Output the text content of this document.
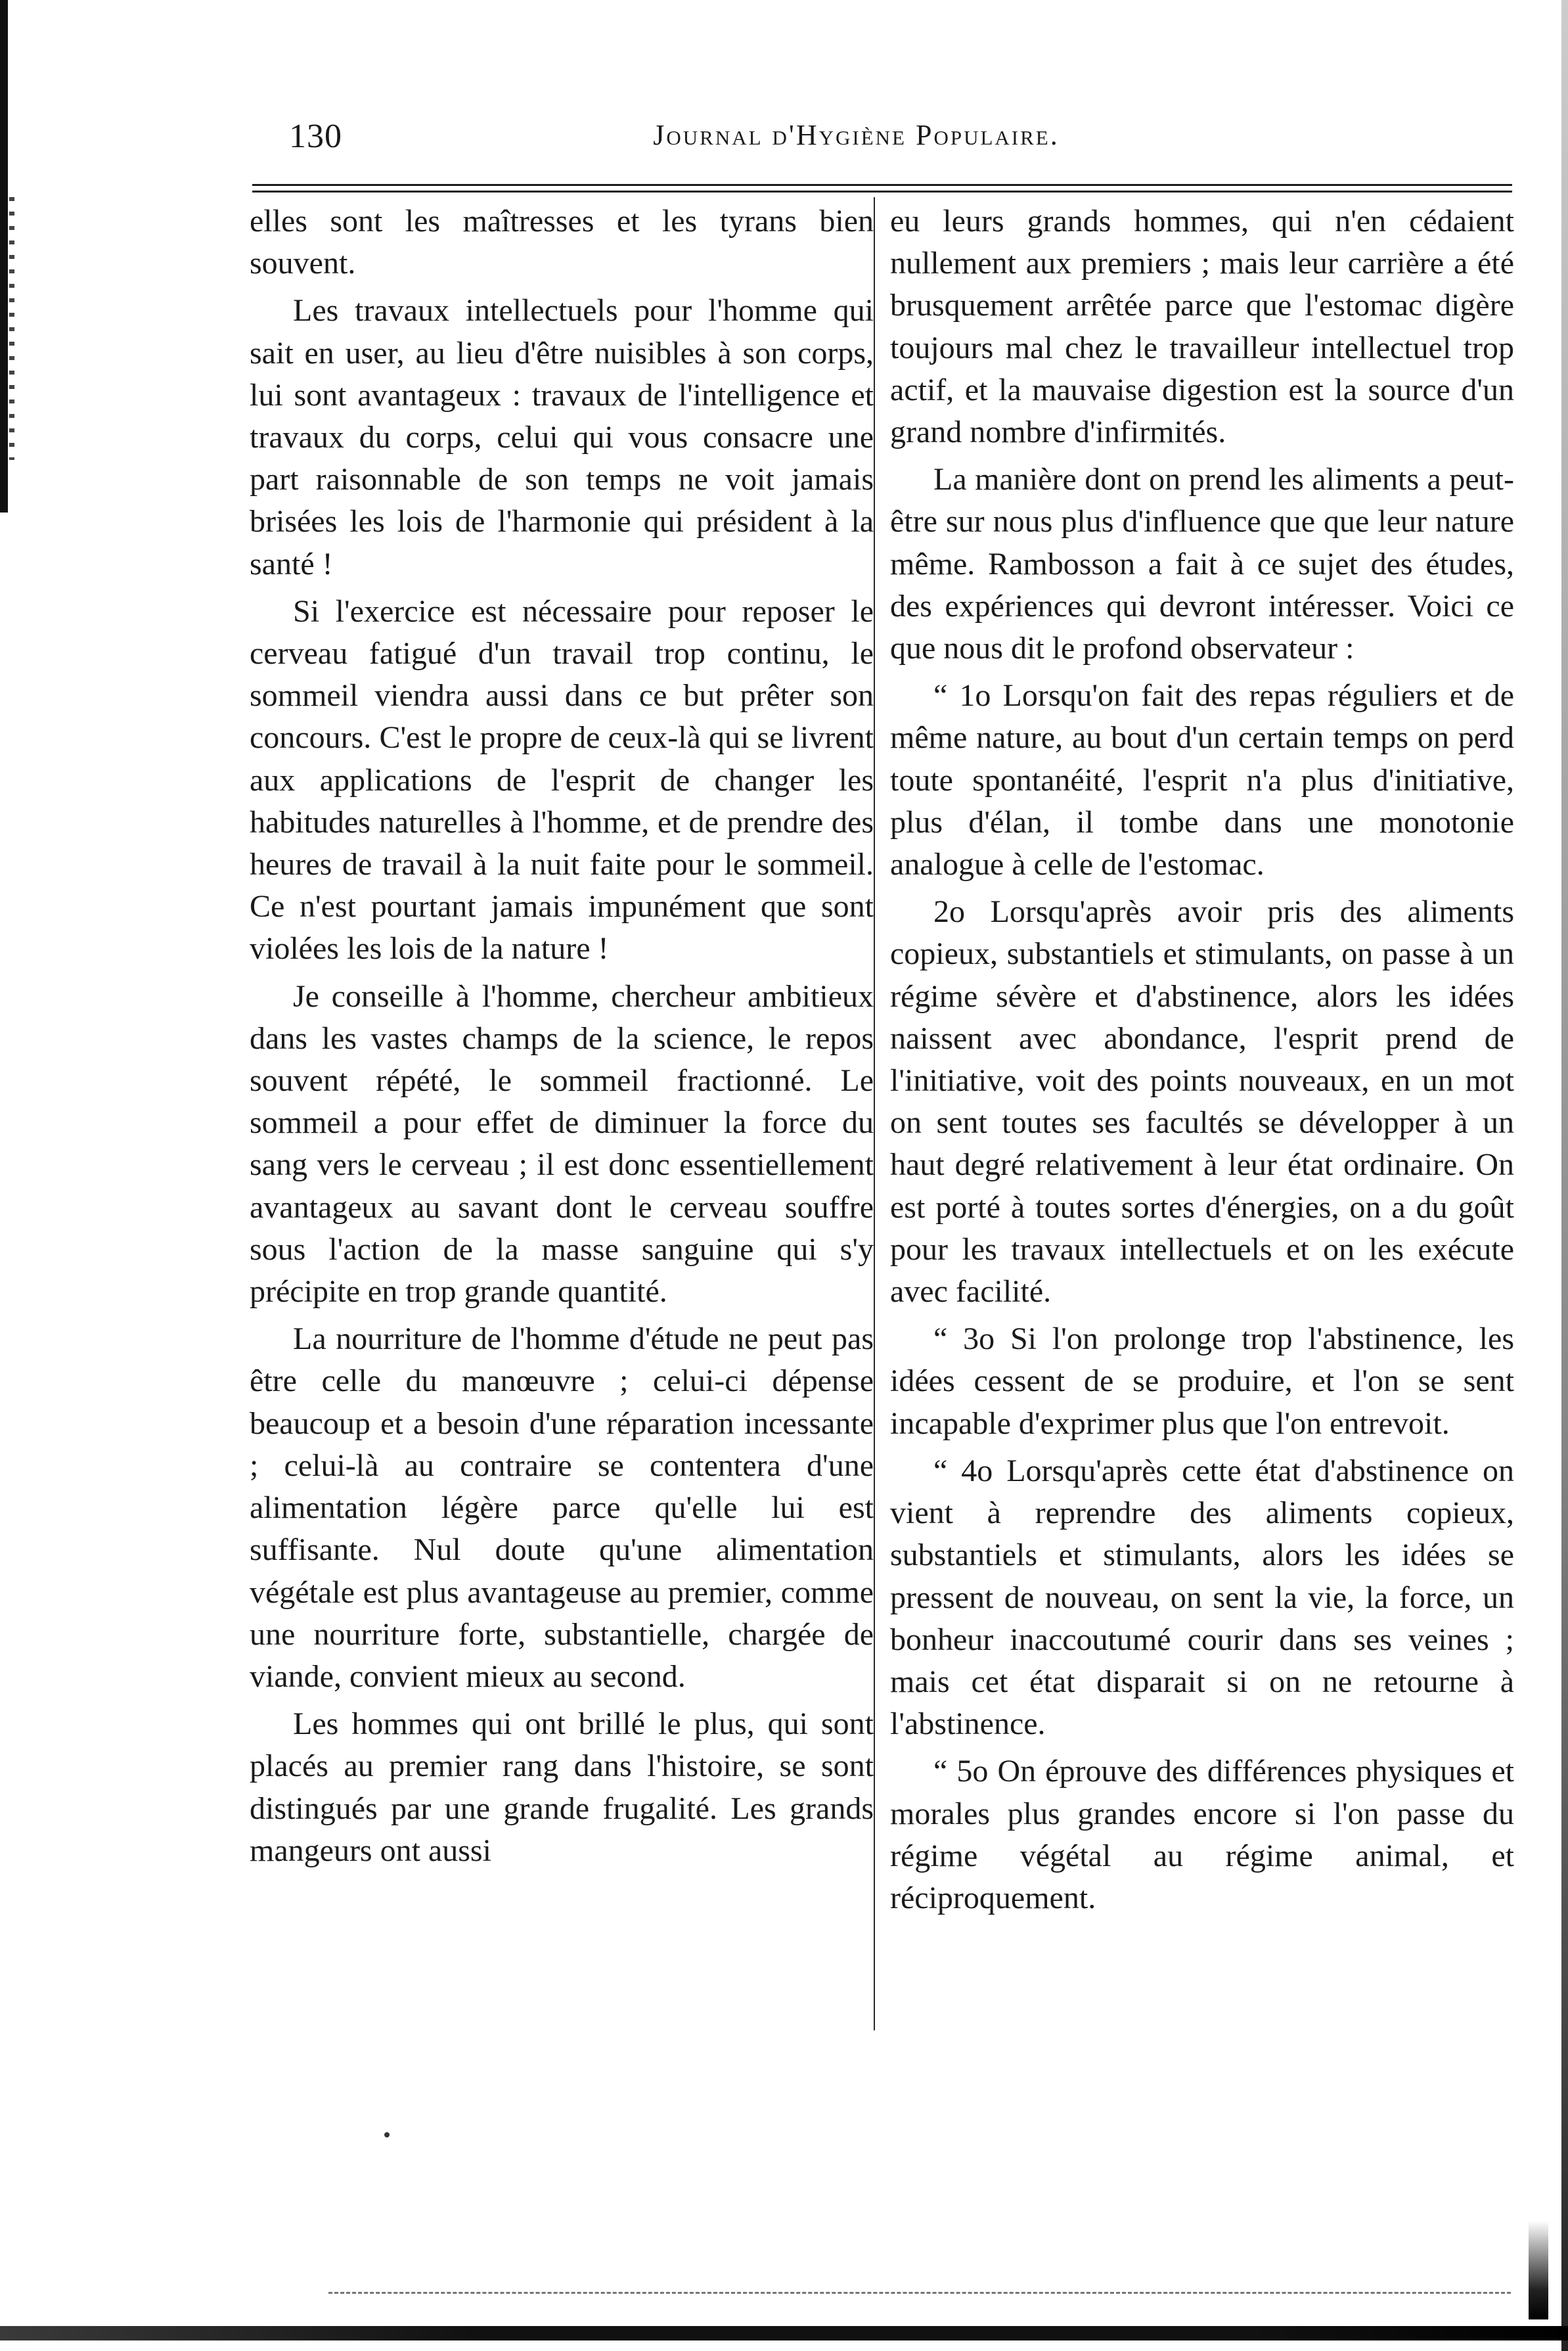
130	Journal d'Hygiène Populaire.

elles sont les maîtresses et les tyrans bien souvent.

Les travaux intellectuels pour l'homme qui sait en user, au lieu d'être nuisibles à son corps, lui sont avantageux : travaux de l'intelligence et travaux du corps, celui qui vous consacre une part raisonnable de son temps ne voit jamais brisées les lois de l'harmonie qui président à la santé !

Si l'exercice est nécessaire pour reposer le cerveau fatigué d'un travail trop continu, le sommeil viendra aussi dans ce but prêter son concours. C'est le propre de ceux-là qui se livrent aux applications de l'esprit de changer les habitudes naturelles à l'homme, et de prendre des heures de travail à la nuit faite pour le sommeil. Ce n'est pourtant jamais impunément que sont violées les lois de la nature !

Je conseille à l'homme, chercheur ambitieux dans les vastes champs de la science, le repos souvent répété, le sommeil fractionné. Le sommeil a pour effet de diminuer la force du sang vers le cerveau ; il est donc essentiellement avantageux au savant dont le cerveau souffre sous l'action de la masse sanguine qui s'y précipite en trop grande quantité.

La nourriture de l'homme d'étude ne peut pas être celle du manœuvre ; celui-ci dépense beaucoup et a besoin d'une réparation incessante ; celui-là au contraire se contentera d'une alimentation légère parce qu'elle lui est suffisante. Nul doute qu'une alimentation végétale est plus avantageuse au premier, comme une nourriture forte, substantielle, chargée de viande, convient mieux au second.

Les hommes qui ont brillé le plus, qui sont placés au premier rang dans l'histoire, se sont distingués par une grande frugalité. Les grands mangeurs ont aussi

eu leurs grands hommes, qui n'en cédaient nullement aux premiers ; mais leur carrière a été brusquement arrêtée parce que l'estomac digère toujours mal chez le travailleur intellectuel trop actif, et la mauvaise digestion est la source d'un grand nombre d'infirmités.

La manière dont on prend les aliments a peut-être sur nous plus d'influence que que leur nature même. Rambosson a fait à ce sujet des études, des expériences qui devront intéresser. Voici ce que nous dit le profond observateur :

“ 1o Lorsqu'on fait des repas réguliers et de même nature, au bout d'un certain temps on perd toute spontanéité, l'esprit n'a plus d'initiative, plus d'élan, il tombe dans une monotonie analogue à celle de l'estomac.

2o Lorsqu'après avoir pris des aliments copieux, substantiels et stimulants, on passe à un régime sévère et d'abstinence, alors les idées naissent avec abondance, l'esprit prend de l'initiative, voit des points nouveaux, en un mot on sent toutes ses facultés se développer à un haut degré relativement à leur état ordinaire. On est porté à toutes sortes d'énergies, on a du goût pour les travaux intellectuels et on les exécute avec facilité.

“ 3o Si l'on prolonge trop l'abstinence, les idées cessent de se produire, et l'on se sent incapable d'exprimer plus que l'on entrevoit.

“ 4o Lorsqu'après cette état d'abstinence on vient à reprendre des aliments copieux, substantiels et stimulants, alors les idées se pressent de nouveau, on sent la vie, la force, un bonheur inaccoutumé courir dans ses veines ; mais cet état disparait si on ne retourne à l'abstinence.

“ 5o On éprouve des différences physiques et morales plus grandes encore si l'on passe du régime végétal au régime animal, et réciproquement.
